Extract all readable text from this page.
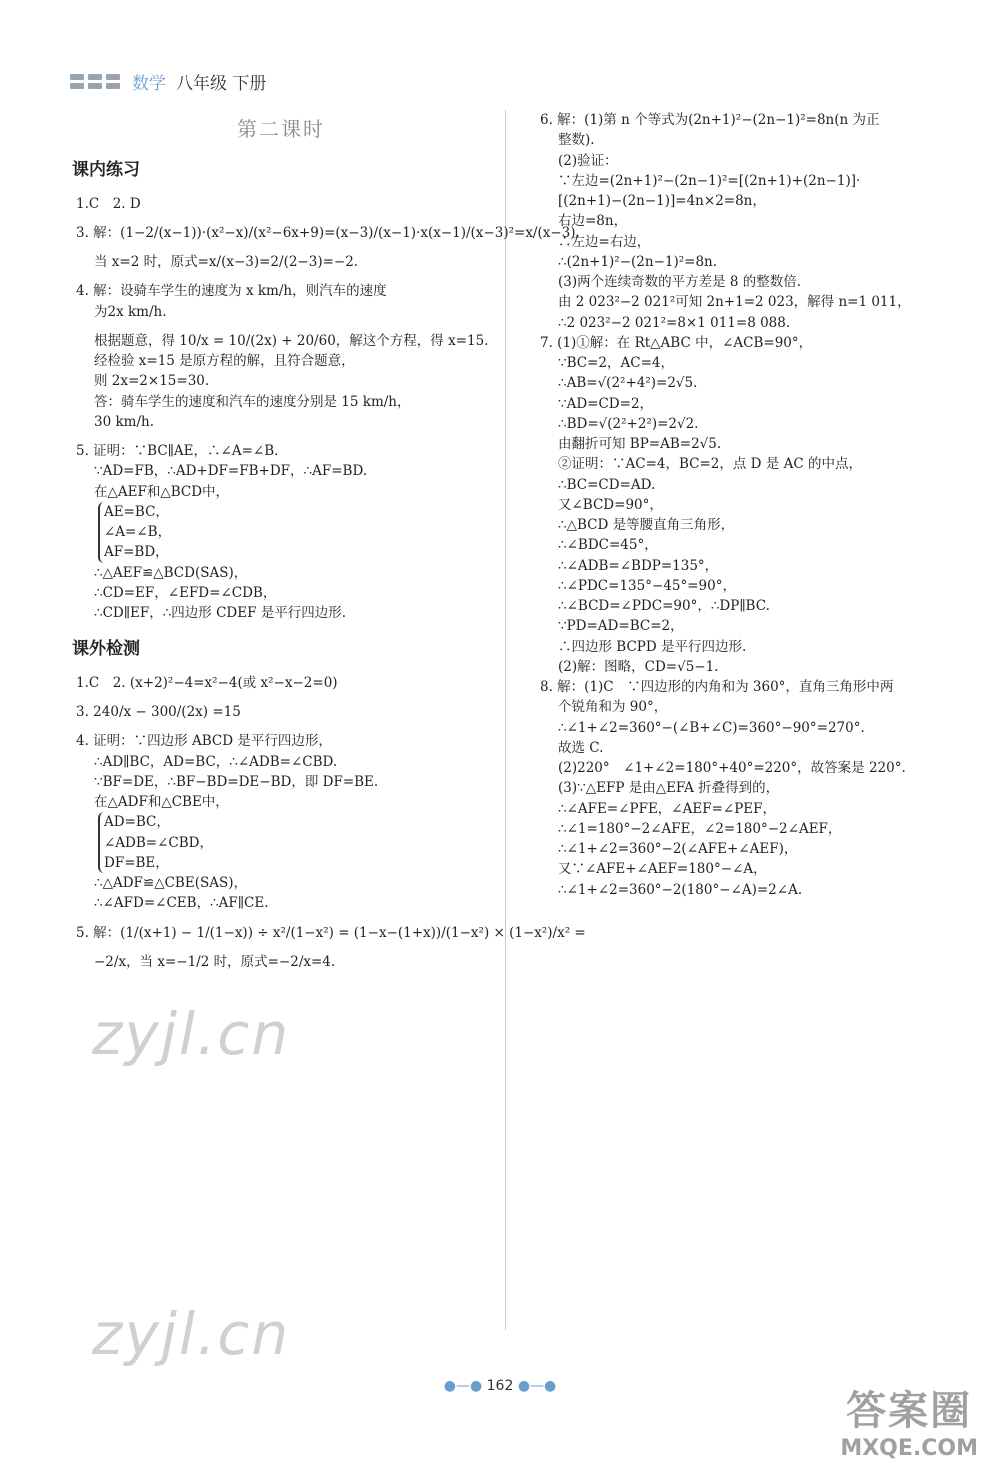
数学 八年级 下册
第二课时
课内练习
1.C　2. D
3. 解：(1−2/(x−1))·(x²−x)/(x²−6x+9)=(x−3)/(x−1)·x(x−1)/(x−3)²=x/(x−3).
当 x=2 时，原式=x/(x−3)=2/(2−3)=−2.
4. 解：设骑车学生的速度为 x km/h，则汽车的速度
为2x km/h.
根据题意，得 10/x = 10/(2x) + 20/60，解这个方程，得 x=15.
经检验 x=15 是原方程的解，且符合题意，
则 2x=2×15=30.
答：骑车学生的速度和汽车的速度分别是 15 km/h，
30 km/h.
5. 证明：∵BC∥AE，∴∠A=∠B.
∵AD=FB，∴AD+DF=FB+DF，∴AF=BD.
在△AEF和△BCD中，
AE=BC，
∠A=∠B，
AF=BD，
∴△AEF≌△BCD(SAS)，
∴CD=EF，∠EFD=∠CDB，
∴CD∥EF，∴四边形 CDEF 是平行四边形.
课外检测
1.C　2. (x+2)²−4=x²−4(或 x²−x−2=0)
3. 240/x − 300/(2x) =15
4. 证明：∵四边形 ABCD 是平行四边形，
∴AD∥BC，AD=BC，∴∠ADB=∠CBD.
∵BF=DE，∴BF−BD=DE−BD，即 DF=BE.
在△ADF和△CBE中，
AD=BC，
∠ADB=∠CBD，
DF=BE，
∴△ADF≌△CBE(SAS)，
∴∠AFD=∠CEB，∴AF∥CE.
5. 解：(1/(x+1) − 1/(1−x)) ÷ x²/(1−x²) = (1−x−(1+x))/(1−x²) × (1−x²)/x² =
−2/x，当 x=−1/2 时，原式=−2/x=4.
6. 解：(1)第 n 个等式为(2n+1)²−(2n−1)²=8n(n 为正
整数).
(2)验证：
∵左边=(2n+1)²−(2n−1)²=[(2n+1)+(2n−1)]·
[(2n+1)−(2n−1)]=4n×2=8n，
右边=8n，
∴左边=右边，
∴(2n+1)²−(2n−1)²=8n.
(3)两个连续奇数的平方差是 8 的整数倍.
由 2 023²−2 021²可知 2n+1=2 023，解得 n=1 011，
∴2 023²−2 021²=8×1 011=8 088.
7. (1)①解：在 Rt△ABC 中，∠ACB=90°，
∵BC=2，AC=4，
∴AB=√(2²+4²)=2√5.
∵AD=CD=2，
∴BD=√(2²+2²)=2√2.
由翻折可知 BP=AB=2√5.
②证明：∵AC=4，BC=2，点 D 是 AC 的中点，
∴BC=CD=AD.
又∠BCD=90°，
∴△BCD 是等腰直角三角形，
∴∠BDC=45°，
∴∠ADB=∠BDP=135°，
∴∠PDC=135°−45°=90°，
∴∠BCD=∠PDC=90°，∴DP∥BC.
∵PD=AD=BC=2，
∴四边形 BCPD 是平行四边形.
(2)解：图略，CD=√5−1.
8. 解：(1)C　∵四边形的内角和为 360°，直角三角形中两
个锐角和为 90°，
∴∠1+∠2=360°−(∠B+∠C)=360°−90°=270°.
故选 C.
(2)220°　∠1+∠2=180°+40°=220°，故答案是 220°.
(3)∵△EFP 是由△EFA 折叠得到的，
∴∠AFE=∠PFE，∠AEF=∠PEF，
∴∠1=180°−2∠AFE，∠2=180°−2∠AEF，
∴∠1+∠2=360°−2(∠AFE+∠AEF)，
又∵∠AFE+∠AEF=180°−∠A，
∴∠1+∠2=360°−2(180°−∠A)=2∠A.
zyjl.cn
zyjl.cn
●—● 162 ●—●
答案圈
MXQE.COM
